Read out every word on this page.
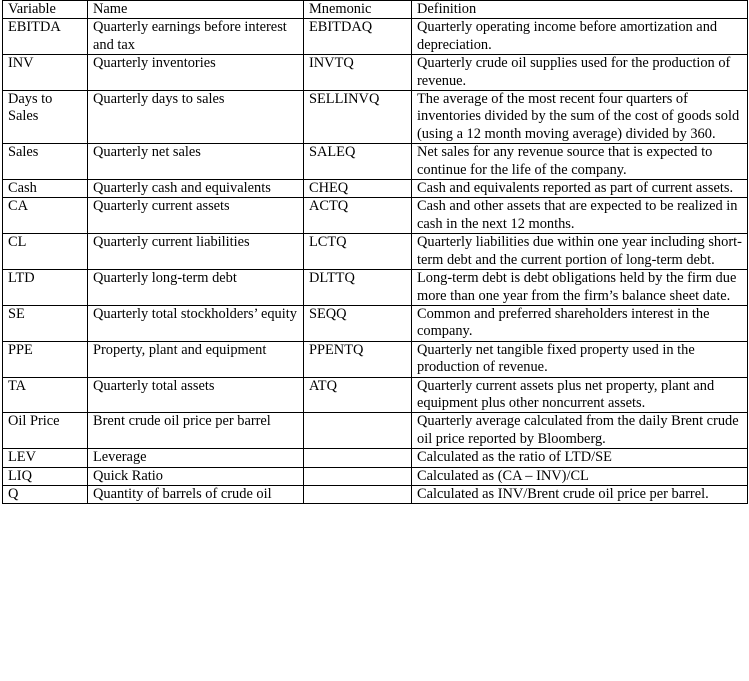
Variable	Name	Mnemonic	Definition
EBITDA	Quarterly earnings before interest and tax	EBITDAQ	Quarterly operating income before amortization and depreciation.
INV	Quarterly inventories	INVTQ	Quarterly crude oil supplies used for the production of revenue.
Days to Sales	Quarterly days to sales	SELLINVQ	The average of the most recent four quarters of inventories divided by the sum of the cost of goods sold (using a 12 month moving average) divided by 360.
Sales	Quarterly net sales	SALEQ	Net sales for any revenue source that is expected to continue for the life of the company.
Cash	Quarterly cash and equivalents	CHEQ	Cash and equivalents reported as part of current assets.
CA	Quarterly current assets	ACTQ	Cash and other assets that are expected to be realized in cash in the next 12 months.
CL	Quarterly current liabilities	LCTQ	Quarterly liabilities due within one year including short-term debt and the current portion of long-term debt.
LTD	Quarterly long-term debt	DLTTQ	Long-term debt is debt obligations held by the firm due more than one year from the firm’s balance sheet date.
SE	Quarterly total stockholders’ equity	SEQQ	Common and preferred shareholders interest in the company.
PPE	Property, plant and equipment	PPENTQ	Quarterly net tangible fixed property used in the production of revenue.
TA	Quarterly total assets	ATQ	Quarterly current assets plus net property, plant and equipment plus other noncurrent assets.
Oil Price	Brent crude oil price per barrel		Quarterly average calculated from the daily Brent crude oil price reported by Bloomberg.
LEV	Leverage		Calculated as the ratio of LTD/SE
LIQ	Quick Ratio		Calculated as (CA – INV)/CL
Q	Quantity of barrels of crude oil		Calculated as INV/Brent crude oil price per barrel.
